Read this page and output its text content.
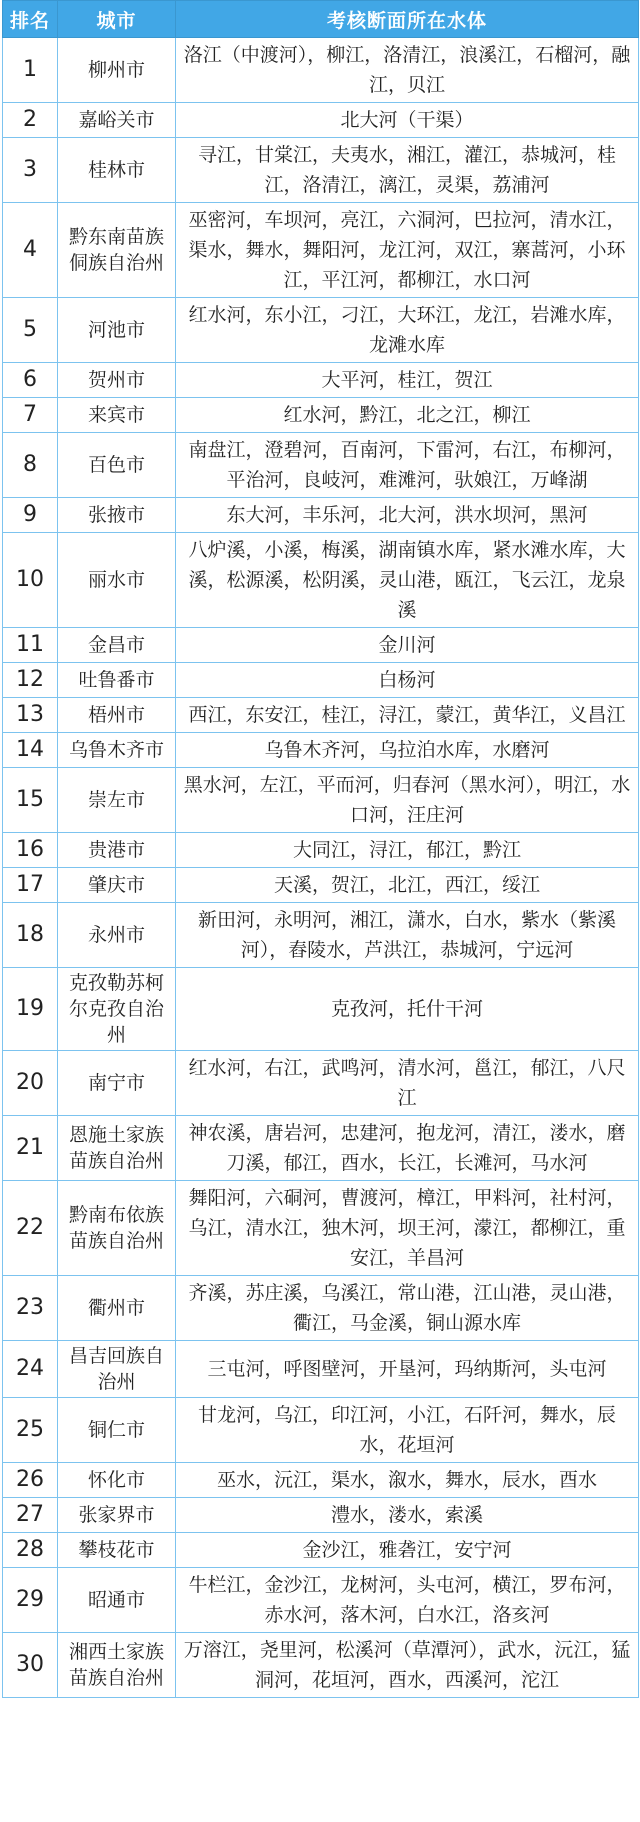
排名	城市	考核断面所在水体
1	柳州市	洛江（中渡河），柳江，洛清江，浪溪江，石榴河，融江，贝江
2	嘉峪关市	北大河（干渠）
3	桂林市	寻江，甘棠江，夫夷水，湘江，灌江，恭城河，桂江，洛清江，漓江，灵渠，荔浦河
4	黔东南苗族侗族自治州	巫密河，车坝河，亮江，六洞河，巴拉河，清水江，渠水，舞水，舞阳河，龙江河，双江，寨蒿河，小环江，平江河，都柳江，水口河
5	河池市	红水河，东小江，刁江，大环江，龙江，岩滩水库，龙滩水库
6	贺州市	大平河，桂江，贺江
7	来宾市	红水河，黔江，北之江，柳江
8	百色市	南盘江，澄碧河，百南河，下雷河，右江，布柳河，平治河，良岐河，难滩河，驮娘江，万峰湖
9	张掖市	东大河，丰乐河，北大河，洪水坝河，黑河
10	丽水市	八炉溪，小溪，梅溪，湖南镇水库，紧水滩水库，大溪，松源溪，松阴溪，灵山港，瓯江，飞云江，龙泉溪
11	金昌市	金川河
12	吐鲁番市	白杨河
13	梧州市	西江，东安江，桂江，浔江，蒙江，黄华江，义昌江
14	乌鲁木齐市	乌鲁木齐河，乌拉泊水库，水磨河
15	崇左市	黑水河，左江，平而河，归春河（黑水河），明江，水口河，汪庄河
16	贵港市	大同江，浔江，郁江，黔江
17	肇庆市	天溪，贺江，北江，西江，绥江
18	永州市	新田河，永明河，湘江，潇水，白水，紫水（紫溪河），舂陵水，芦洪江，恭城河，宁远河
19	克孜勒苏柯尔克孜自治州	克孜河，托什干河
20	南宁市	红水河，右江，武鸣河，清水河，邕江，郁江，八尺江
21	恩施土家族苗族自治州	神农溪，唐岩河，忠建河，抱龙河，清江，溇水，磨刀溪，郁江，酉水，长江，长滩河，马水河
22	黔南布依族苗族自治州	舞阳河，六硐河，曹渡河，樟江，甲料河，社村河，乌江，清水江，独木河，坝王河，濛江，都柳江，重安江，羊昌河
23	衢州市	齐溪，苏庄溪，乌溪江，常山港，江山港，灵山港，衢江，马金溪，铜山源水库
24	昌吉回族自治州	三屯河，呼图壁河，开垦河，玛纳斯河，头屯河
25	铜仁市	甘龙河，乌江，印江河，小江，石阡河，舞水，辰水，花垣河
26	怀化市	巫水，沅江，渠水，溆水，舞水，辰水，酉水
27	张家界市	澧水，溇水，索溪
28	攀枝花市	金沙江，雅砻江，安宁河
29	昭通市	牛栏江，金沙江，龙树河，头屯河，横江，罗布河，赤水河，落木河，白水江，洛亥河
30	湘西土家族苗族自治州	万溶江，尧里河，松溪河（草潭河），武水，沅江，猛洞河，花垣河，酉水，西溪河，沱江
